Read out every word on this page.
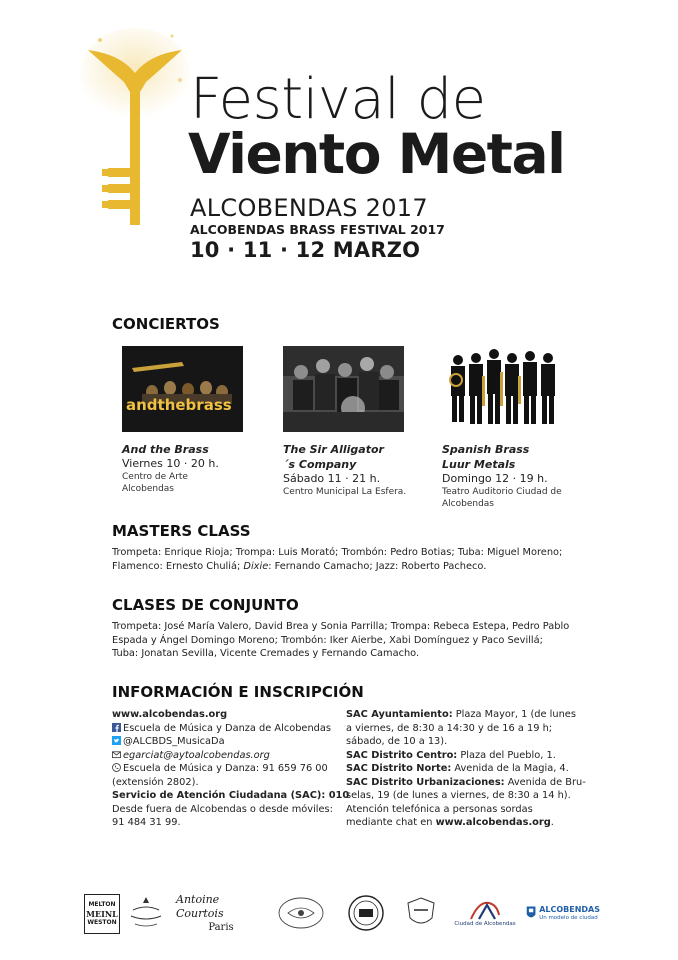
Festival de
Viento Metal
ALCOBENDAS 2017
ALCOBENDAS BRASS FESTIVAL 2017
10 · 11 · 12 MARZO
CONCIERTOS
andthebrass
And the Brass
Viernes 10 · 20 h.
Centro de Arte Alcobendas
The Sir Alligator´s Company
Sábado 11 · 21 h.
Centro Municipal La Esfera.
Spanish Brass Luur Metals
Domingo 12 · 19 h.
Teatro Auditorio Ciudad de Alcobendas
MASTERS CLASS
Trompeta: Enrique Rioja; Trompa: Luis Morató; Trombón: Pedro Botias; Tuba: Miguel Moreno; Flamenco: Ernesto Chuliá; Dixie: Fernando Camacho; Jazz: Roberto Pacheco.
CLASES DE CONJUNTO
Trompeta: José María Valero, David Brea y Sonia Parrilla; Trompa: Rebeca Estepa, Pedro Pablo Espada y Ángel Domingo Moreno; Trombón: Iker Aierbe, Xabi Domínguez y Paco Sevillá; Tuba: Jonatan Sevilla, Vicente Cremades y Fernando Camacho.
INFORMACIÓN E INSCRIPCIÓN
www.alcobendas.org
Escuela de Música y Danza de Alcobendas
@ALCBDS_MusicaDa
egarciat@aytoalcobendas.org
Escuela de Música y Danza: 91 659 76 00
(extensión 2802).
Servicio de Atención Ciudadana (SAC): 010
Desde fuera de Alcobendas o desde móviles:
91 484 31 99.
SAC Ayuntamiento: Plaza Mayor, 1 (de lunes
a viernes, de 8:30 a 14:30 y de 16 a 19 h;
sábado, de 10 a 13).
SAC Distrito Centro: Plaza del Pueblo, 1.
SAC Distrito Norte: Avenida de la Magia, 4.
SAC Distrito Urbanizaciones: Avenida de Bru-
selas, 19 (de lunes a viernes, de 8:30 a 14 h).
Atención telefónica a personas sordas
mediante chat en www.alcobendas.org.
MELTON
MEINL
WESTON
Antoine Courtois
Paris	Ciudad de Alcobendas
ALCOBENDAS
Un modelo de ciudad
